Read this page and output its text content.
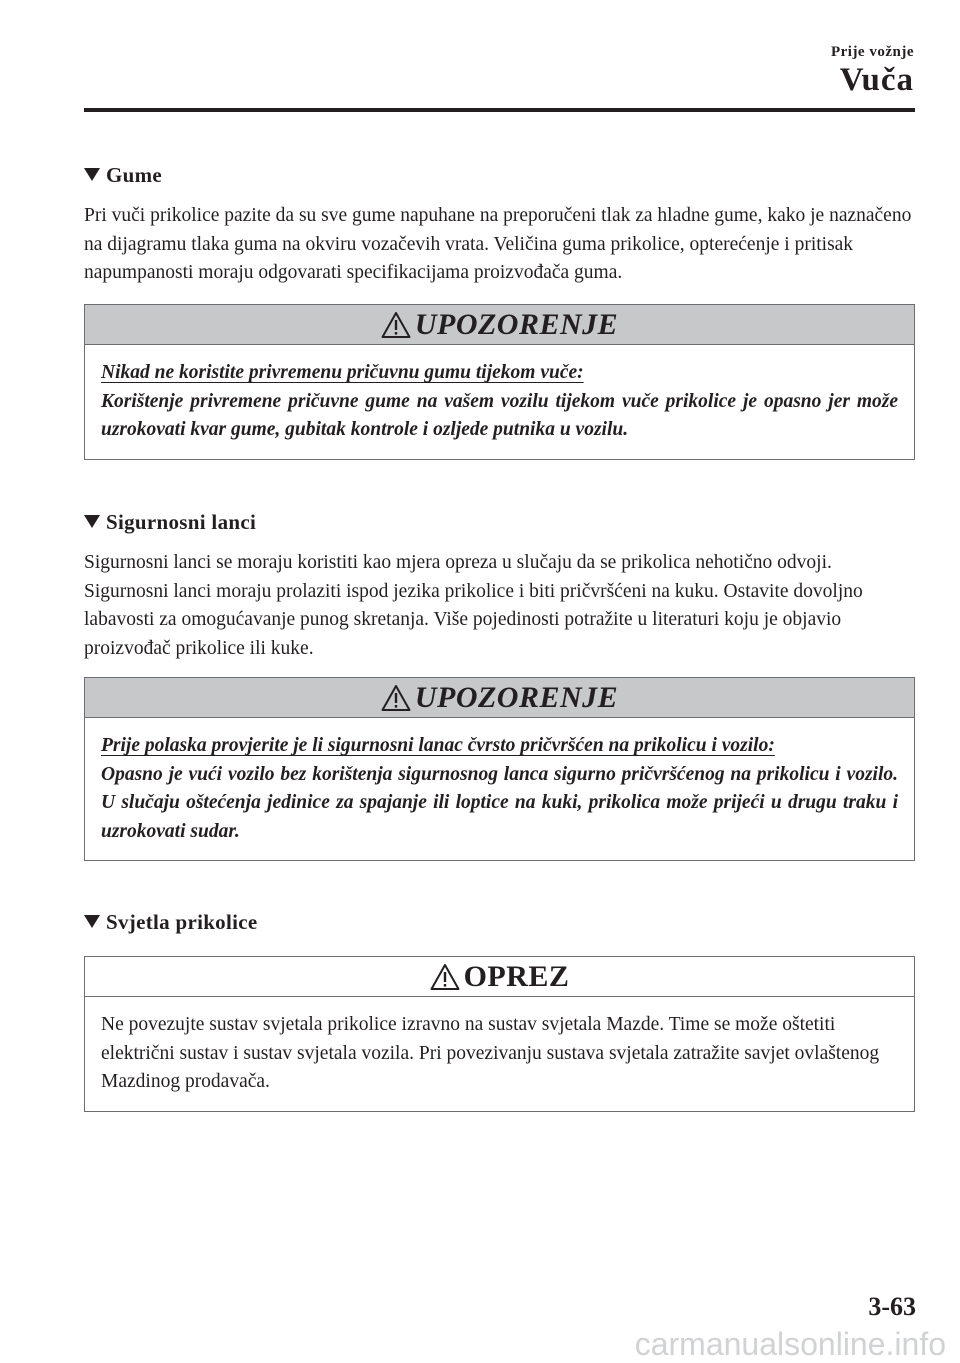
Prije vožnje
Vuča
Gume

Pri vuči prikolice pazite da su sve gume napuhane na preporučeni tlak za hladne gume, kako je naznačeno na dijagramu tlaka guma na okviru vozačevih vrata. Veličina guma prikolice, opterećenje i pritisak napumpanosti moraju odgovarati specifikacijama proizvođača guma.

UPOZORENJE

Nikad ne koristite privremenu pričuvnu gumu tijekom vuče:

Korištenje privremene pričuvne gume na vašem vozilu tijekom vuče prikolice je opasno jer može uzrokovati kvar gume, gubitak kontrole i ozljede putnika u vozilu.

Sigurnosni lanci

Sigurnosni lanci se moraju koristiti kao mjera opreza u slučaju da se prikolica nehotično odvoji. Sigurnosni lanci moraju prolaziti ispod jezika prikolice i biti pričvršćeni na kuku. Ostavite dovoljno labavosti za omogućavanje punog skretanja. Više pojedinosti potražite u literaturi koju je objavio proizvođač prikolice ili kuke.

UPOZORENJE

Prije polaska provjerite je li sigurnosni lanac čvrsto pričvršćen na prikolicu i vozilo:

Opasno je vući vozilo bez korištenja sigurnosnog lanca sigurno pričvršćenog na prikolicu i vozilo. U slučaju oštećenja jedinice za spajanje ili loptice na kuki, prikolica može prijeći u drugu traku i uzrokovati sudar.

Svjetla prikolice
OPREZ

Ne povezujte sustav svjetala prikolice izravno na sustav svjetala Mazde. Time se može oštetiti električni sustav i sustav svjetala vozila. Pri povezivanju sustava svjetala zatražite savjet ovlaštenog Mazdinog prodavača.

3-63
carmanualsonline.info
